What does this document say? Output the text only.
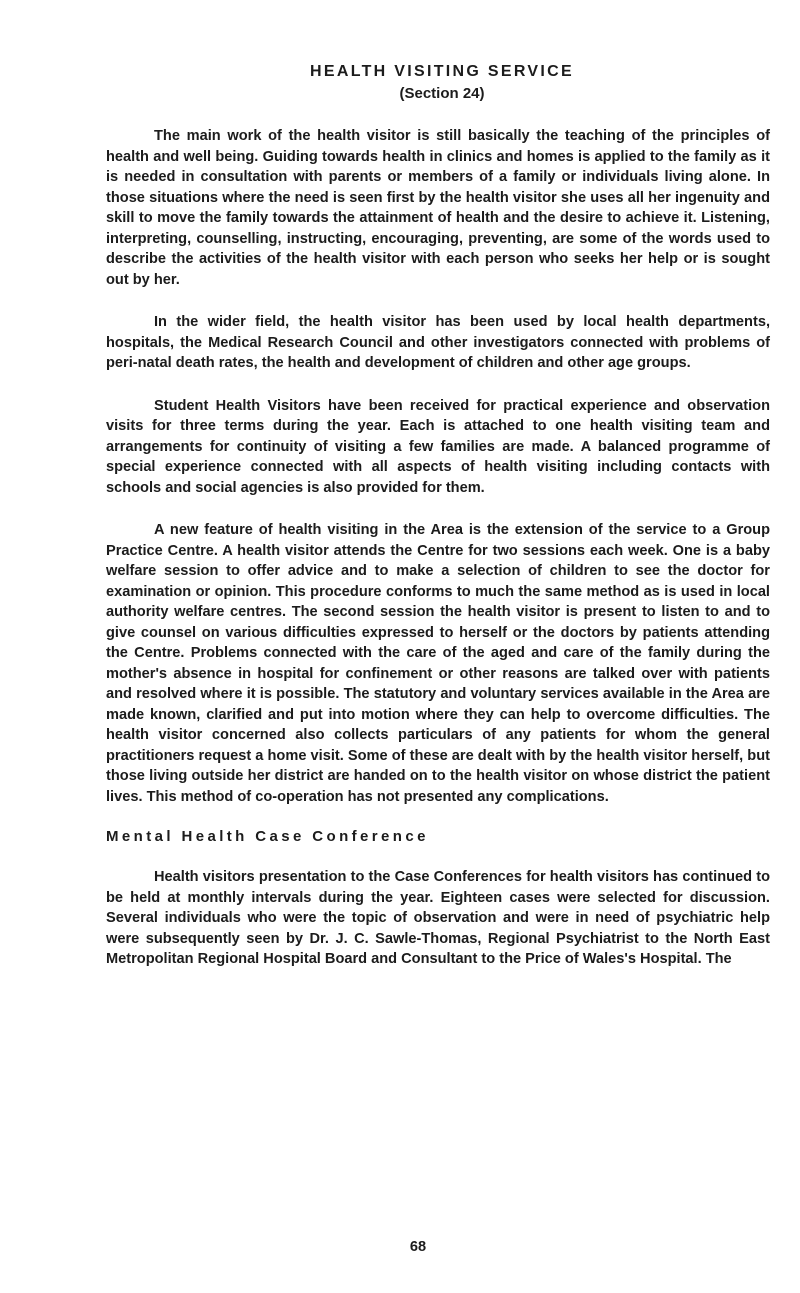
HEALTH VISITING SERVICE
(Section 24)

The main work of the health visitor is still basically the teaching of the principles of health and well being. Guiding towards health in clinics and homes is applied to the family as it is needed in consultation with parents or members of a family or individuals living alone. In those situations where the need is seen first by the health visitor she uses all her ingenuity and skill to move the family towards the attainment of health and the desire to achieve it. Listening, interpreting, counselling, instructing, encouraging, preventing, are some of the words used to describe the activities of the health visitor with each person who seeks her help or is sought out by her.

In the wider field, the health visitor has been used by local health departments, hospitals, the Medical Research Council and other investigators connected with problems of peri-natal death rates, the health and development of children and other age groups.

Student Health Visitors have been received for practical experience and observation visits for three terms during the year. Each is attached to one health visiting team and arrangements for continuity of visiting a few families are made. A balanced programme of special experience connected with all aspects of health visiting including contacts with schools and social agencies is also provided for them.

A new feature of health visiting in the Area is the extension of the service to a Group Practice Centre. A health visitor attends the Centre for two sessions each week. One is a baby welfare session to offer advice and to make a selection of children to see the doctor for examination or opinion. This procedure conforms to much the same method as is used in local authority welfare centres. The second session the health visitor is present to listen to and to give counsel on various difficulties expressed to herself or the doctors by patients attending the Centre. Problems connected with the care of the aged and care of the family during the mother's absence in hospital for confinement or other reasons are talked over with patients and resolved where it is possible. The statutory and voluntary services available in the Area are made known, clarified and put into motion where they can help to overcome difficulties. The health visitor concerned also collects particulars of any patients for whom the general practitioners request a home visit. Some of these are dealt with by the health visitor herself, but those living outside her district are handed on to the health visitor on whose district the patient lives. This method of co-operation has not presented any complications.

Mental Health Case Conference

Health visitors presentation to the Case Conferences for health visitors has continued to be held at monthly intervals during the year. Eighteen cases were selected for discussion. Several individuals who were the topic of observation and were in need of psychiatric help were subsequently seen by Dr. J. C. Sawle-Thomas, Regional Psychiatrist to the North East Metropolitan Regional Hospital Board and Consultant to the Price of Wales's Hospital. The

68
